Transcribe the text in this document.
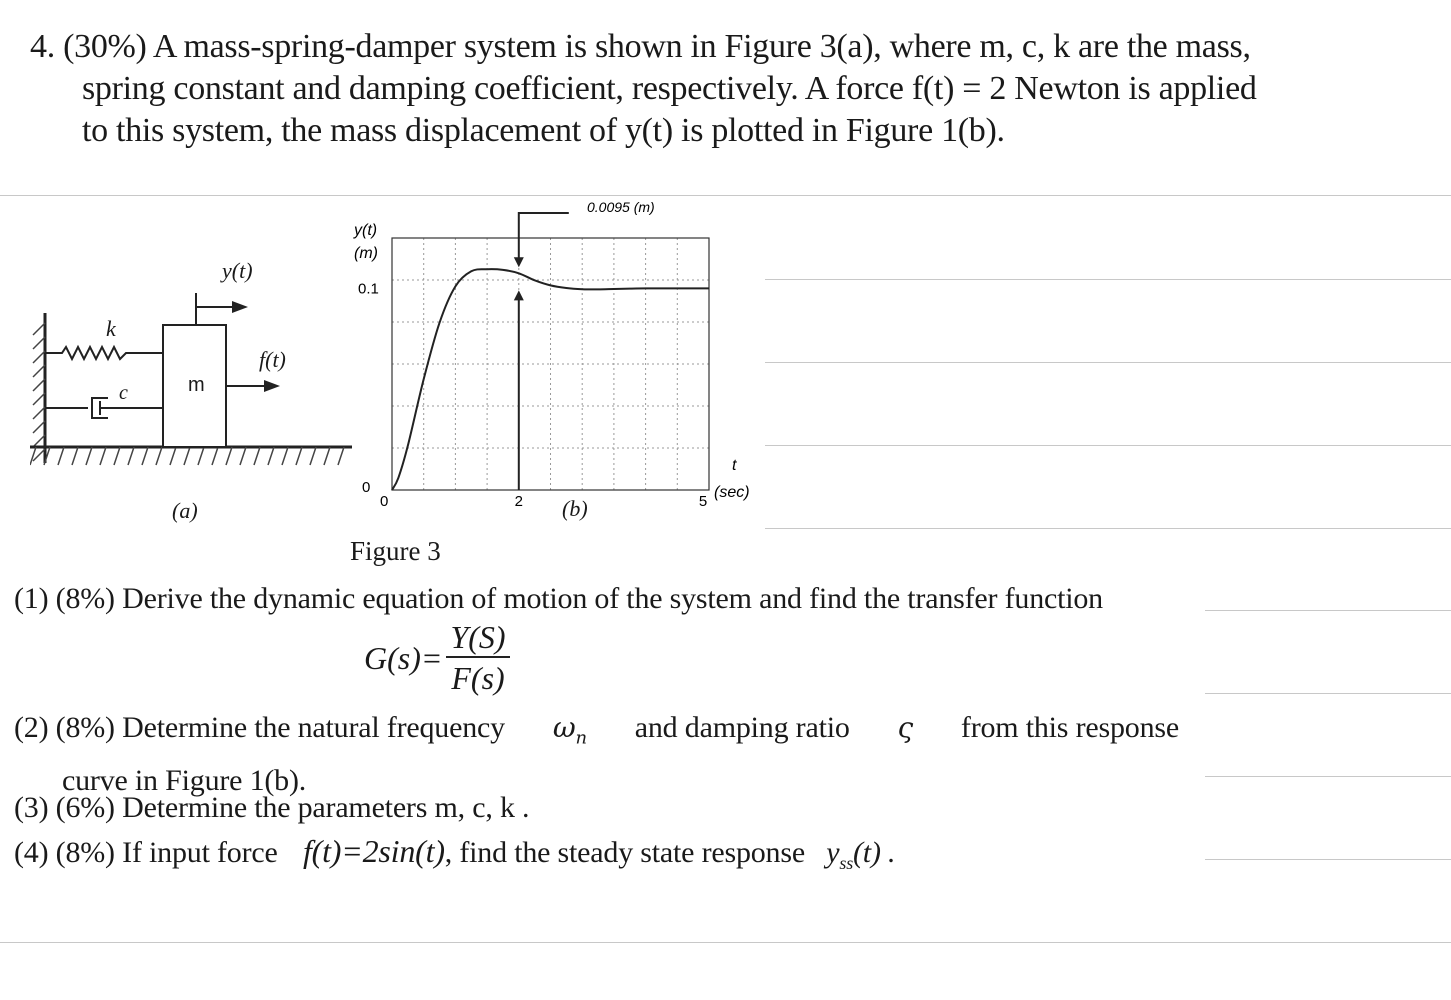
4. (30%) A mass-spring-damper system is shown in Figure 3(a), where m, c, k are the mass,
spring constant and damping coefficient, respectively. A force f(t) = 2 Newton is applied
to this system, the mass displacement of y(t) is plotted in Figure 1(b).
k
c	m
y(t)
f(t)
(a)
y(t)
(m)
0.1
0
0	2	5
t
(sec)
0.0095 (m)
(b)
Figure 3
(1) (8%) Derive the dynamic equation of motion of the system and find the transfer function
$G(s)= \frac{Y(S)}{F(s)}$
(2) (8%) Determine the natural frequency $\omega_n$ and damping ratio ς from this response
curve in Figure 1(b).
(3) (6%) Determine the parameters m, c, k .
(4) (8%) If input force f(t)=2sin(t), find the steady state response $y_{ss}(t)$ .
